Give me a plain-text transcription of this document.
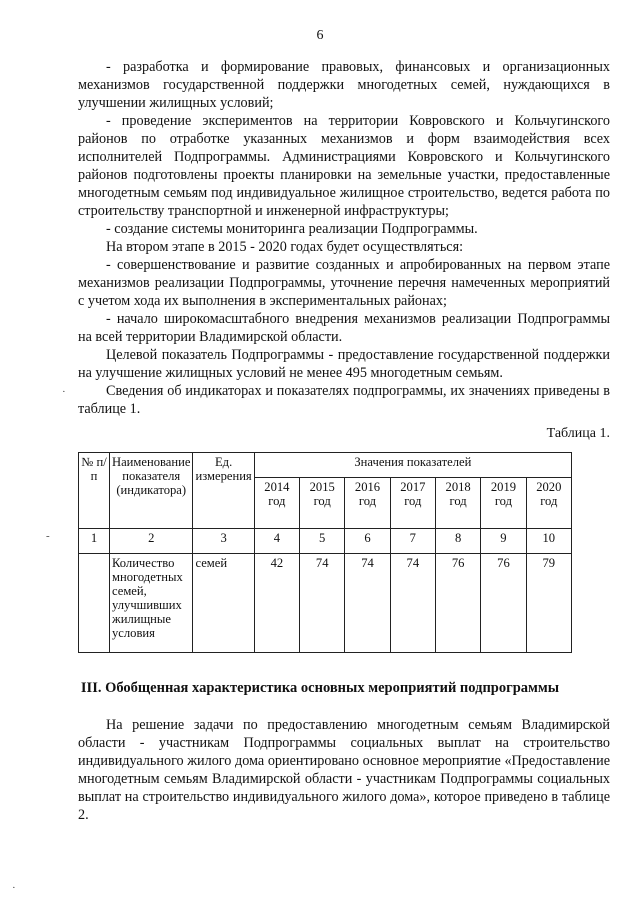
6

- разработка и формирование правовых, финансовых и организационных механизмов государственной поддержки многодетных семей, нуждающихся в улучшении жилищных условий;

- проведение экспериментов на территории Ковровского и Кольчугинского районов по отработке указанных механизмов и форм взаимодействия всех исполнителей Подпрограммы. Администрациями Ковровского и Кольчугинского районов подготовлены проекты планировки на земельные участки, предоставленные многодетным семьям под индивидуальное жилищное строительство, ведется работа по строительству транспортной и инженерной инфраструктуры;

- создание системы мониторинга реализации Подпрограммы.

На втором этапе в 2015 - 2020 годах будет осуществляться:

- совершенствование и развитие созданных и апробированных на первом этапе механизмов реализации Подпрограммы, уточнение перечня намеченных мероприятий с учетом хода их выполнения в экспериментальных районах;

- начало широкомасштабного внедрения механизмов реализации Подпрограммы на всей территории Владимирской области.

Целевой показатель Подпрограммы - предоставление государственной поддержки на улучшение жилищных условий не менее 495 многодетным семьям.

Сведения об индикаторах и показателях подпрограммы, их значениях приведены в таблице 1.

Таблица 1.
№ п/п	Наименование показателя (индикатора)	Ед. измерения	Значения показателей						
			2014 год	2015 год	2016 год	2017 год	2018 год	2019 год	2020 год
1	2	3	4	5	6	7	8	9	10
	Количество многодетных семей, улучшивших жилищные условия	семей	42	74	74	74	76	76	79
III. Обобщенная характеристика основных мероприятий подпрограммы

На решение задачи по предоставлению многодетным семьям Владимирской области - участникам Подпрограммы социальных выплат на строительство индивидуального жилого дома ориентировано основное мероприятие «Предоставление многодетным семьям Владимирской области - участникам Подпрограммы социальных выплат на строительство индивидуального жилого дома», которое приведено в таблице 2.

·
-
·
